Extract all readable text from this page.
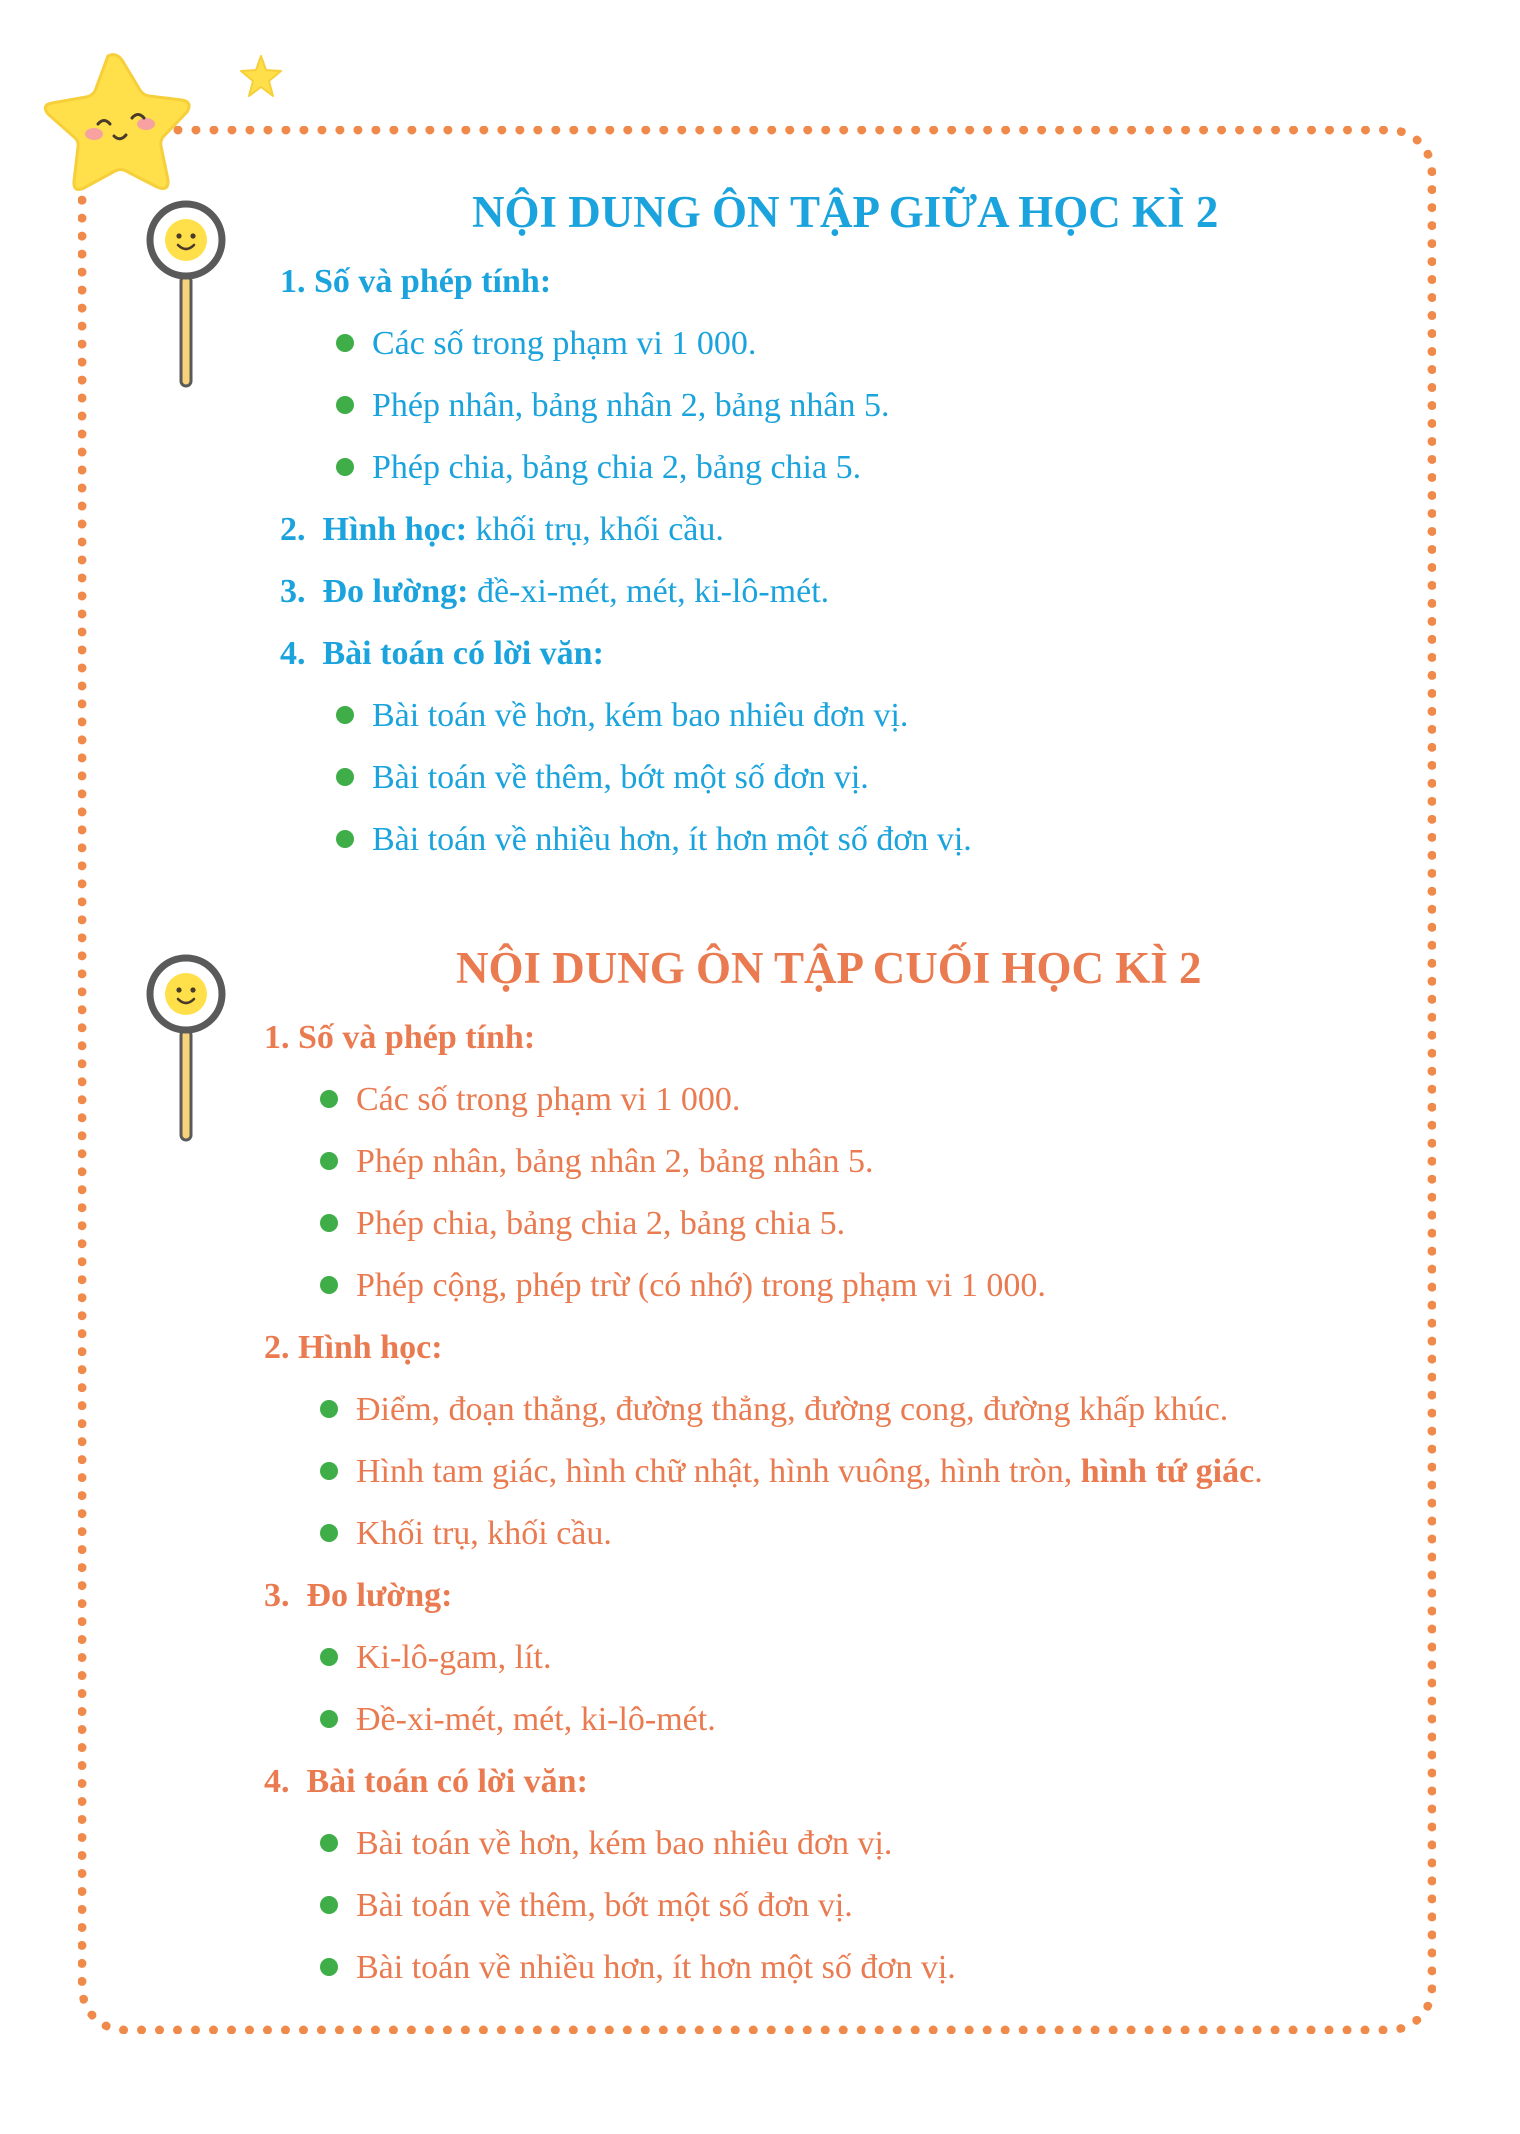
NỘI DUNG ÔN TẬP GIỮA HỌC KÌ 2
1. Số và phép tính:
Các số trong phạm vi 1 000.
Phép nhân, bảng nhân 2, bảng nhân 5.
Phép chia, bảng chia 2, bảng chia 5.
2. Hình học: khối trụ, khối cầu.
3. Đo lường: đề-xi-mét, mét, ki-lô-mét.
4. Bài toán có lời văn:
Bài toán về hơn, kém bao nhiêu đơn vị.
Bài toán về thêm, bớt một số đơn vị.
Bài toán về nhiều hơn, ít hơn một số đơn vị.
NỘI DUNG ÔN TẬP CUỐI HỌC KÌ 2
1. Số và phép tính:
Các số trong phạm vi 1 000.
Phép nhân, bảng nhân 2, bảng nhân 5.
Phép chia, bảng chia 2, bảng chia 5.
Phép cộng, phép trừ (có nhớ) trong phạm vi 1 000.
2. Hình học:
Điểm, đoạn thẳng, đường thẳng, đường cong, đường khấp khúc.
Hình tam giác, hình chữ nhật, hình vuông, hình tròn, hình tứ giác.
Khối trụ, khối cầu.
3. Đo lường:
Ki-lô-gam, lít.
Đề-xi-mét, mét, ki-lô-mét.
4. Bài toán có lời văn:
Bài toán về hơn, kém bao nhiêu đơn vị.
Bài toán về thêm, bớt một số đơn vị.
Bài toán về nhiều hơn, ít hơn một số đơn vị.
